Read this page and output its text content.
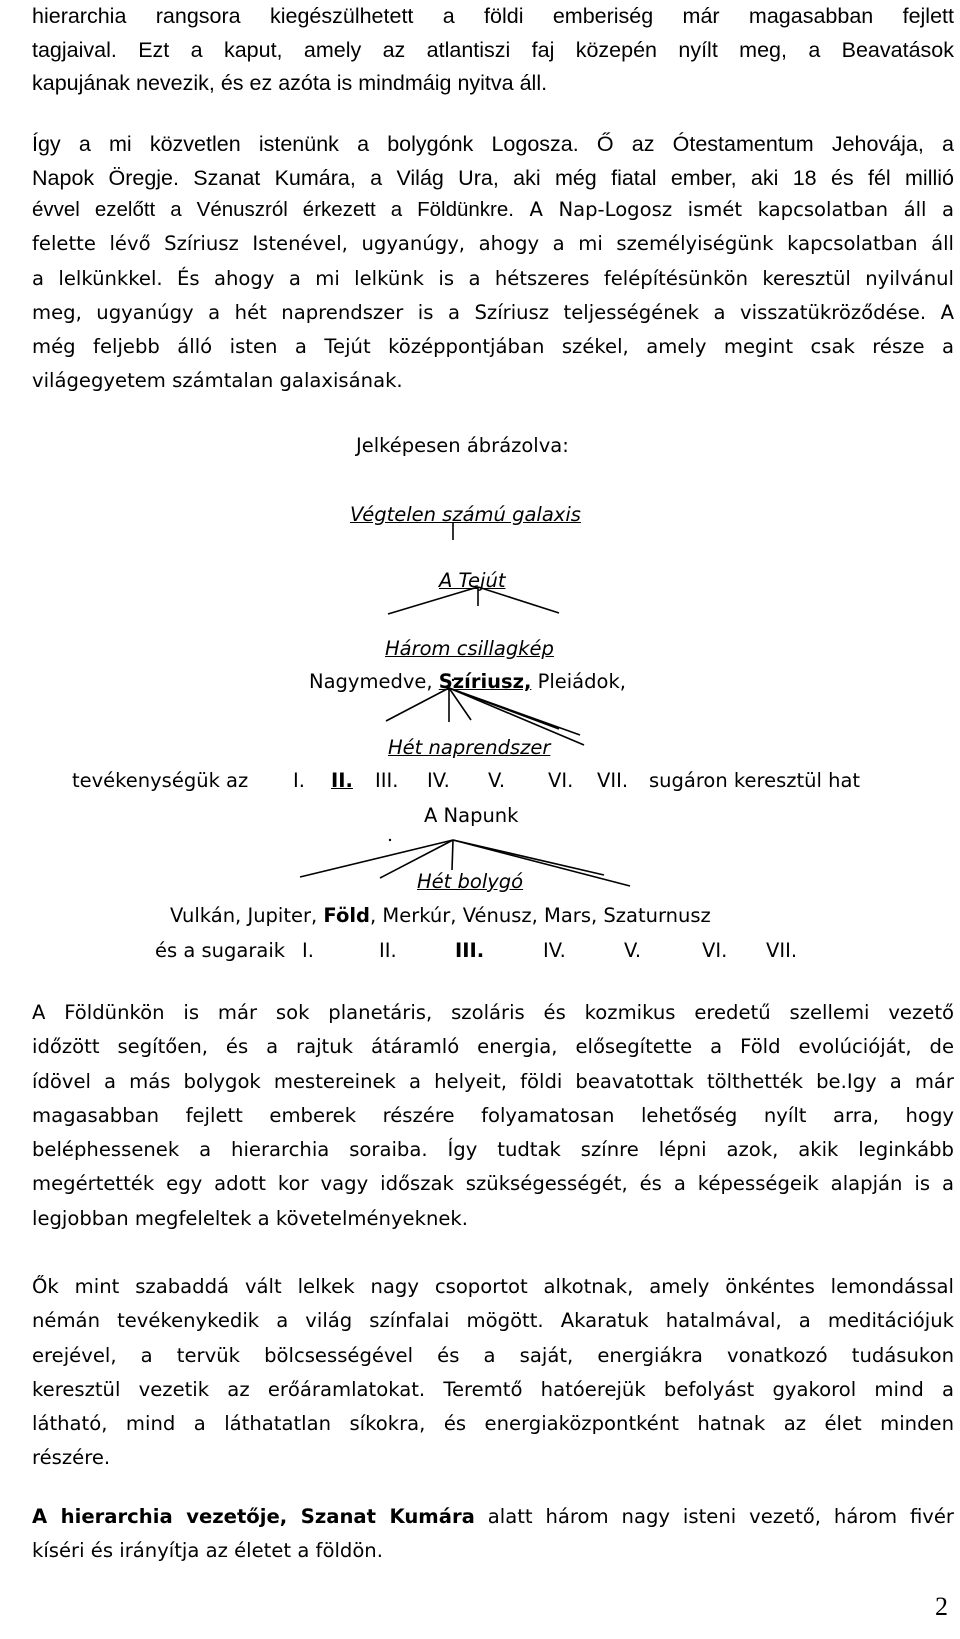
hierarchia rangsora kiegészülhetett a földi emberiség már magasabban fejlett
tagjaival. Ezt a kaput, amely az atlantiszi faj közepén nyílt meg, a Beavatások
kapujának nevezik, és ez azóta is mindmáig nyitva áll.
Így a mi közvetlen istenünk a bolygónk Logosza. Ő az Ótestamentum Jehovája, a
Napok Öregje. Szanat Kumára, a Világ Ura, aki még fiatal ember, aki 18 és fél millió
évvel ezelőtt a Vénuszról érkezett a Földünkre. A Nap-Logosz ismét kapcsolatban áll a
felette lévő Szíriusz Istenével, ugyanúgy, ahogy a mi személyiségünk kapcsolatban áll
a lelkünkkel. És ahogy a mi lelkünk is a hétszeres felépítésünkön keresztül nyilvánul
meg, ugyanúgy a hét naprendszer is a Szíriusz teljességének a visszatükröződése. A
még feljebb álló isten a Tejút középpontjában székel, amely megint csak része a
világegyetem számtalan galaxisának.
Jelképesen ábrázolva:
Végtelen számú galaxis
A Tejút
Három csillagkép
Nagymedve, Szíriusz, Pleiádok,
Hét naprendszer
tevékenységük az I. II. III. IV. V. VI. VII. sugáron keresztül hat
A Napunk
Hét bolygó
Vulkán, Jupiter, Föld, Merkúr, Vénusz, Mars, Szaturnusz
és a sugaraik I.	II.	III.	IV.	V.	VI. VII.
A Földünkön is már sok planetáris, szoláris és kozmikus eredetű szellemi vezető
időzött segítően, és a rajtuk átáramló energia, elősegítette a Föld evolúcióját, de
ídövel a más bolygok mestereinek a helyeit, földi beavatottak tölthették be.Igy a már
magasabban fejlett emberek részére folyamatosan lehetőség nyílt arra, hogy
beléphessenek a hierarchia soraiba. Így tudtak színre lépni azok, akik leginkább
megértették egy adott kor vagy időszak szükségességét, és a képességeik alapján is a
legjobban megfeleltek a követelményeknek.
Ők mint szabaddá vált lelkek nagy csoportot alkotnak, amely önkéntes lemondással
némán tevékenykedik a világ színfalai mögött. Akaratuk hatalmával, a meditációjuk
erejével, a tervük bölcsességével és a saját, energiákra vonatkozó tudásukon
keresztül vezetik az erőáramlatokat. Teremtő hatóerejük befolyást gyakorol mind a
látható, mind a láthatatlan síkokra, és energiaközpontként hatnak az élet minden
részére.
A hierarchia vezetője, Szanat Kumára alatt három nagy isteni vezető, három fivér
kíséri és irányítja az életet a földön.
2
